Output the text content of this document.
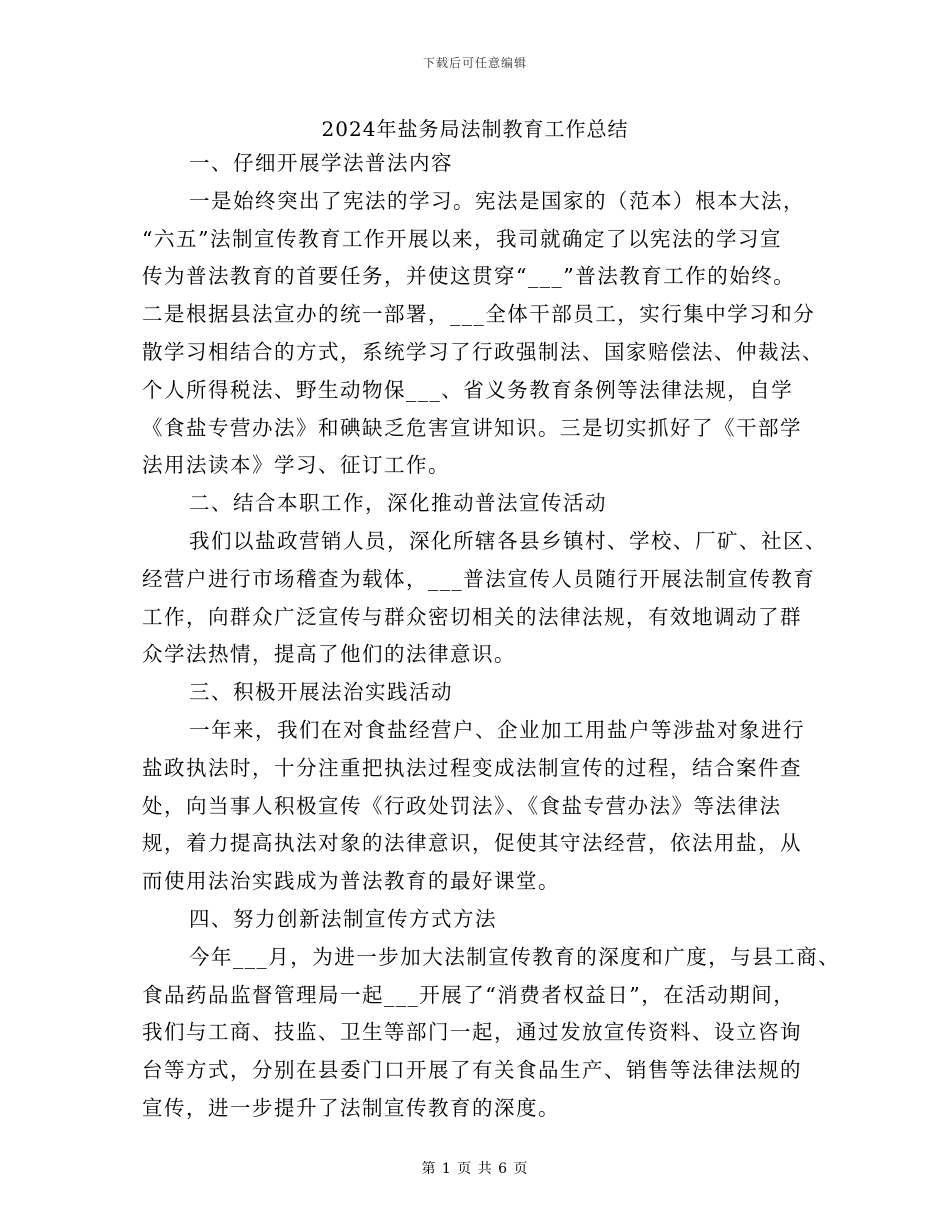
下载后可任意编辑
2024年盐务局法制教育工作总结
一、仔细开展学法普法内容
一是始终突出了宪法的学习。宪法是国家的（范本）根本大法，
“六五”法制宣传教育工作开展以来，我司就确定了以宪法的学习宣
传为普法教育的首要任务，并使这贯穿“___”普法教育工作的始终。
二是根据县法宣办的统一部署，___全体干部员工，实行集中学习和分
散学习相结合的方式，系统学习了行政强制法、国家赔偿法、仲裁法、
个人所得税法、野生动物保___、省义务教育条例等法律法规，自学
《食盐专营办法》和碘缺乏危害宣讲知识。三是切实抓好了《干部学
法用法读本》学习、征订工作。
二、结合本职工作，深化推动普法宣传活动
我们以盐政营销人员，深化所辖各县乡镇村、学校、厂矿、社区、
经营户进行市场稽查为载体，___普法宣传人员随行开展法制宣传教育
工作，向群众广泛宣传与群众密切相关的法律法规，有效地调动了群
众学法热情，提高了他们的法律意识。
三、积极开展法治实践活动
一年来，我们在对食盐经营户、企业加工用盐户等涉盐对象进行
盐政执法时，十分注重把执法过程变成法制宣传的过程，结合案件查
处，向当事人积极宣传《行政处罚法》、《食盐专营办法》等法律法
规，着力提高执法对象的法律意识，促使其守法经营，依法用盐，从
而使用法治实践成为普法教育的最好课堂。
四、努力创新法制宣传方式方法
今年___月，为进一步加大法制宣传教育的深度和广度，与县工商、
食品药品监督管理局一起___开展了“消费者权益日”，在活动期间，
我们与工商、技监、卫生等部门一起，通过发放宣传资料、设立咨询
台等方式，分别在县委门口开展了有关食品生产、销售等法律法规的
宣传，进一步提升了法制宣传教育的深度。
第 1 页 共 6 页
